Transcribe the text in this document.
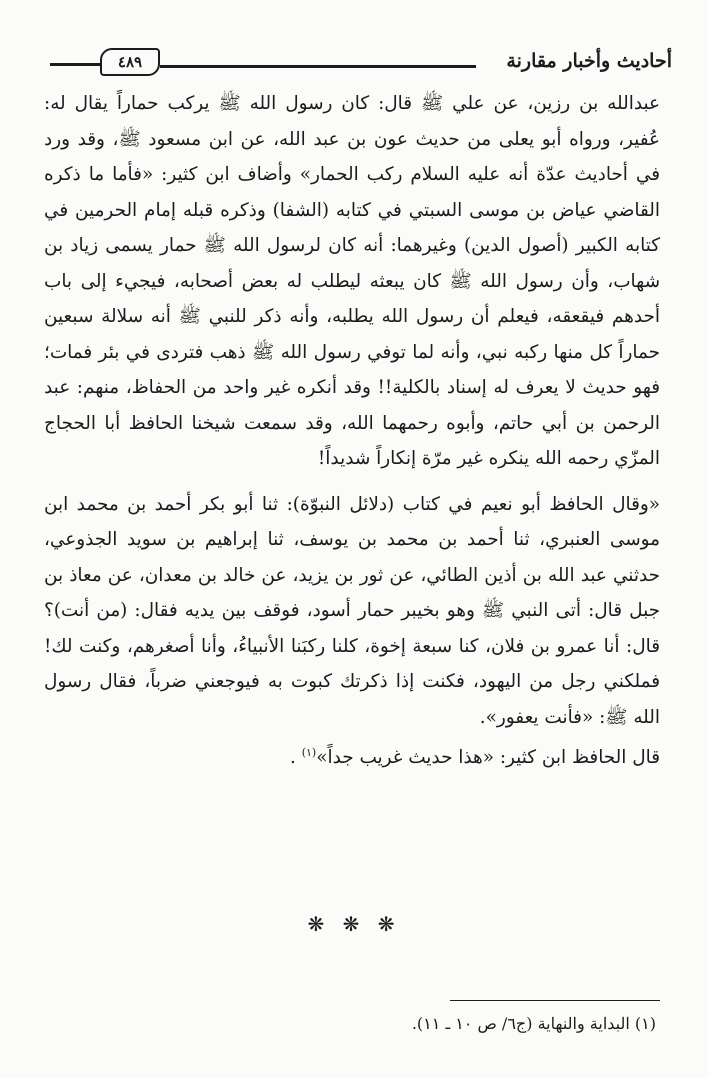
أحاديث وأخبار مقارنة
٤٨٩

عبدالله بن رزين، عن علي ﷺ قال: كان رسول الله ﷺ يركب حماراً يقال له: عُفير، ورواه أبو يعلى من حديث عون بن عبد الله، عن ابن مسعود ﷺ، وقد ورد في أحاديث عدّة أنه عليه السلام ركب الحمار» وأضاف ابن كثير: «فأما ما ذكره القاضي عياض بن موسى السبتي في كتابه (الشفا) وذكره قبله إمام الحرمين في كتابه الكبير (أصول الدين) وغيرهما: أنه كان لرسول الله ﷺ حمار يسمى زياد بن شهاب، وأن رسول الله ﷺ كان يبعثه ليطلب له بعض أصحابه، فيجيء إلى باب أحدهم فيقعقه، فيعلم أن رسول الله يطلبه، وأنه ذكر للنبي ﷺ أنه سلالة سبعين حماراً كل منها ركبه نبي، وأنه لما توفي رسول الله ﷺ ذهب فتردى في بئر فمات؛ فهو حديث لا يعرف له إسناد بالكلية!! وقد أنكره غير واحد من الحفاظ، منهم: عبد الرحمن بن أبي حاتم، وأبوه رحمهما الله، وقد سمعت شيخنا الحافظ أبا الحجاج المزّي رحمه الله ينكره غير مرّة إنكاراً شديداً!

«وقال الحافظ أبو نعيم في كتاب (دلائل النبوّة): ثنا أبو بكر أحمد بن محمد ابن موسى العنبري، ثنا أحمد بن محمد بن يوسف، ثنا إبراهيم بن سويد الجذوعي، حدثني عبد الله بن أذين الطائي، عن ثور بن يزيد، عن خالد بن معدان، عن معاذ بن جبل قال: أتى النبي ﷺ وهو بخيبر حمار أسود، فوقف بين يديه فقال: (من أنت)؟ قال: أنا عمرو بن فلان، كنا سبعة إخوة، كلنا ركبَنا الأنبياءُ، وأنا أصغرهم، وكنت لك! فملكني رجل من اليهود، فكنت إذا ذكرتك كبوت به فيوجعني ضرباً، فقال رسول الله ﷺ: «فأنت يعفور».

قال الحافظ ابن كثير: «هذا حديث غريب جداً»$^{(١)}$ .

❋ ❋ ❋
(١) البداية والنهاية (ج٦/ ص ١٠ ـ ١١).
